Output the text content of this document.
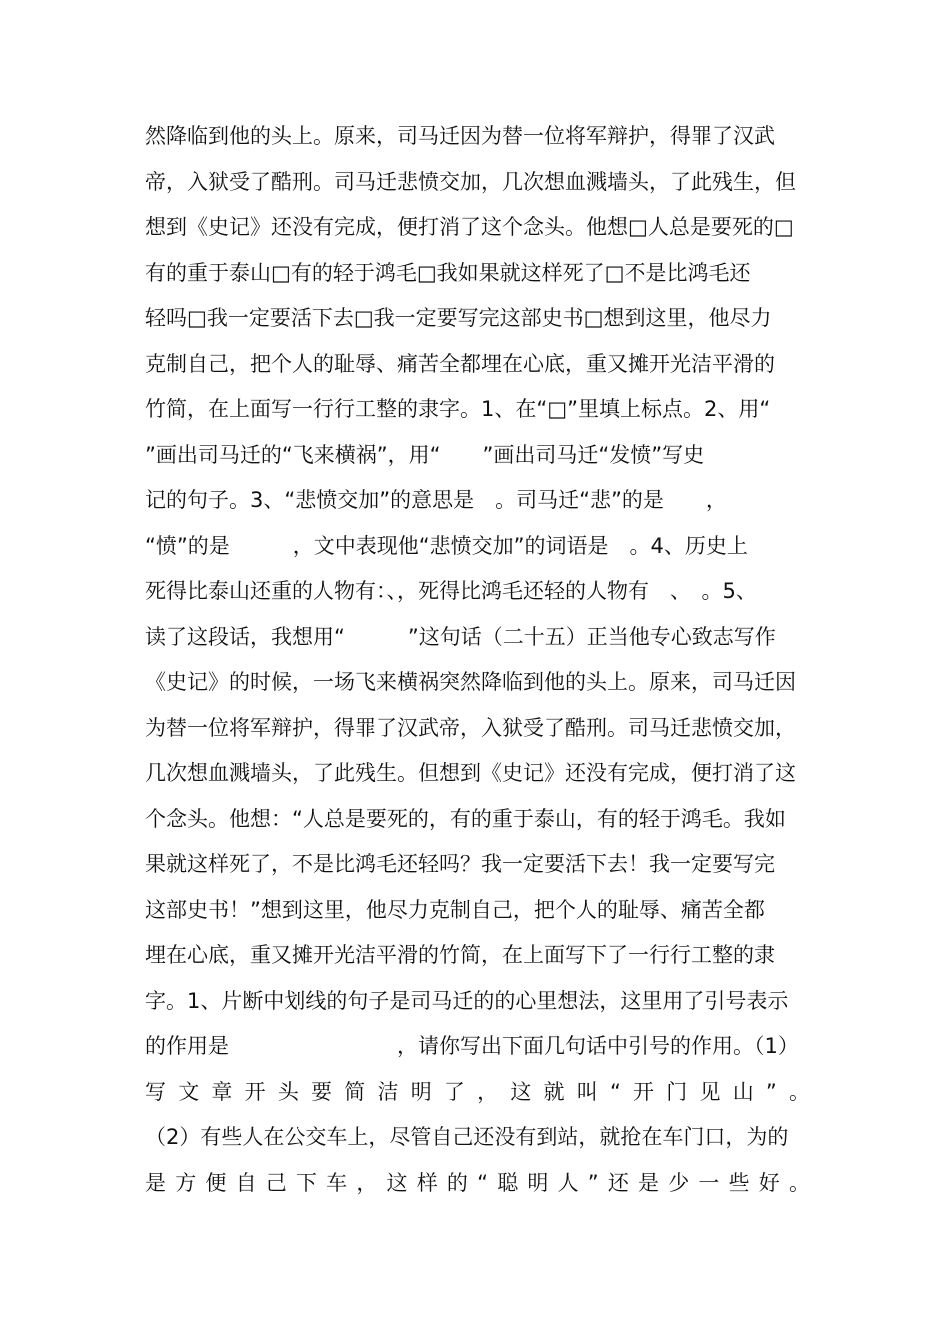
然降临到他的头上。原来，司马迁因为替一位将军辩护，得罪了汉武
帝，入狱受了酷刑。司马迁悲愤交加，几次想血溅墙头，了此残生，但
想到《史记》还没有完成，便打消了这个念头。他想□人总是要死的□
有的重于泰山□有的轻于鸿毛□我如果就这样死了□不是比鸿毛还
轻吗□我一定要活下去□我一定要写完这部史书□想到这里，他尽力
克制自己，把个人的耻辱、痛苦全都埋在心底，重又摊开光洁平滑的
竹简，在上面写一行行工整的隶字。1、在“□”里填上标点。2、用“
”画出司马迁的“飞来横祸”，用“　　”画出司马迁“发愤”写史
记的句子。3、“悲愤交加”的意思是　。司马迁“悲”的是　　，
“愤”的是　　　，文中表现他“悲愤交加”的词语是　。4、历史上
死得比泰山还重的人物有：、，死得比鸿毛还轻的人物有　、　。5、
读了这段话，我想用“　　　”这句话（二十五）正当他专心致志写作
《史记》的时候，一场飞来横祸突然降临到他的头上。原来，司马迁因
为替一位将军辩护，得罪了汉武帝，入狱受了酷刑。司马迁悲愤交加，
几次想血溅墙头，了此残生。但想到《史记》还没有完成，便打消了这
个念头。他想：“人总是要死的，有的重于泰山，有的轻于鸿毛。我如
果就这样死了，不是比鸿毛还轻吗？我一定要活下去！我一定要写完
这部史书！”想到这里，他尽力克制自己，把个人的耻辱、痛苦全都
埋在心底，重又摊开光洁平滑的竹简，在上面写下了一行行工整的隶
字。1、片断中划线的句子是司马迁的的心里想法，这里用了引号表示
的作用是　　　　　　　　，请你写出下面几句话中引号的作用。（1）
写文章开头要简洁明了，这就叫“开门见山”。
（2）有些人在公交车上，尽管自己还没有到站，就抢在车门口，为的
是方便自己下车，这样的“聪明人”还是少一些好。
